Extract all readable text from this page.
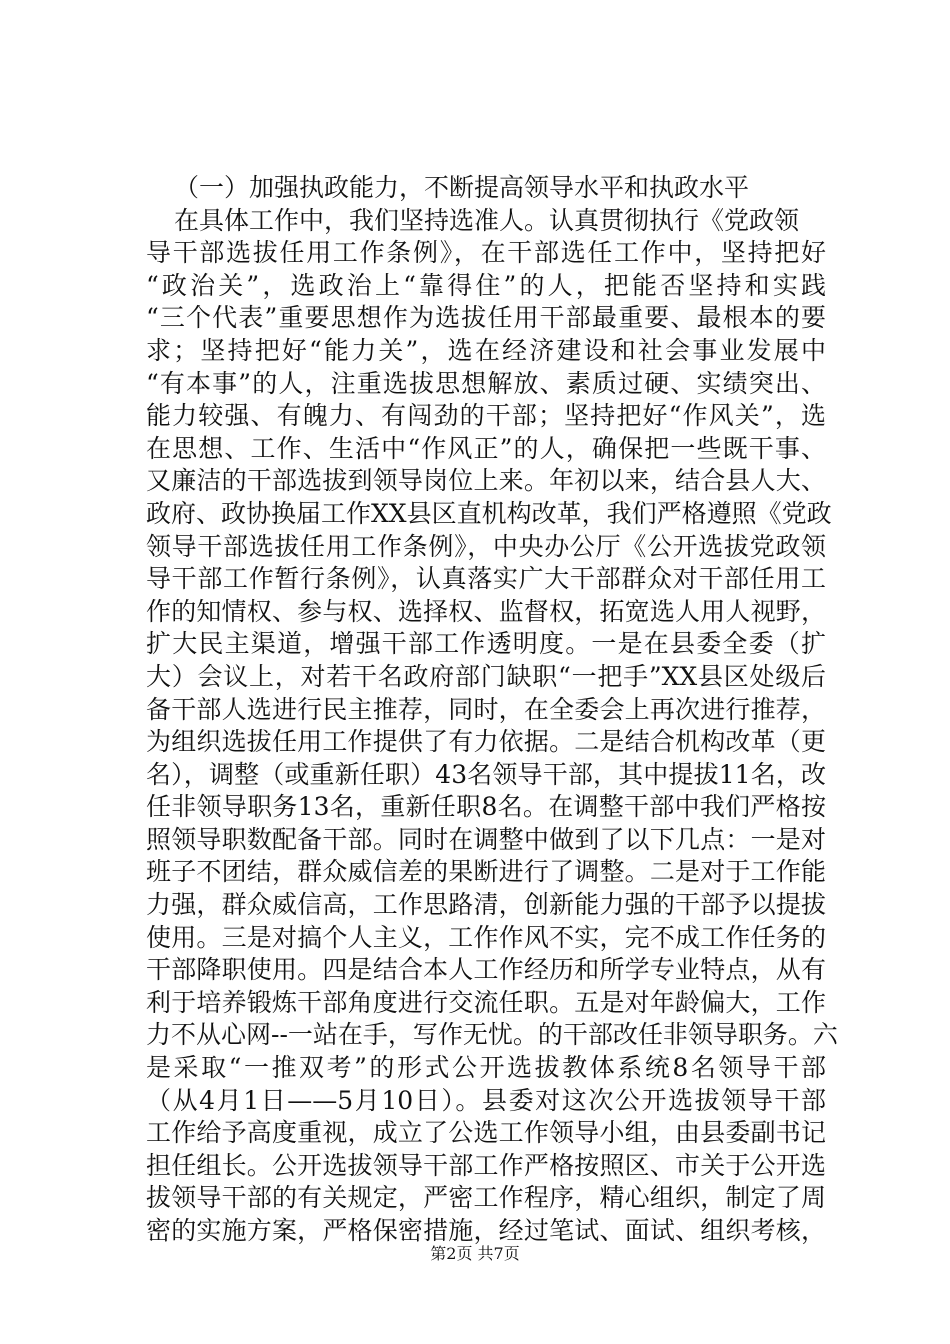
（一）加强执政能力，不断提高领导水平和执政水平
在具体工作中，我们坚持选准人。认真贯彻执行《党政领
导干部选拔任用工作条例》，在干部选任工作中，坚持把好
“政治关”，选政治上“靠得住”的人，把能否坚持和实践
“三个代表”重要思想作为选拔任用干部最重要、最根本的要
求；坚持把好“能力关”，选在经济建设和社会事业发展中
“有本事”的人，注重选拔思想解放、素质过硬、实绩突出、
能力较强、有魄力、有闯劲的干部；坚持把好“作风关”，选
在思想、工作、生活中“作风正”的人，确保把一些既干事、
又廉洁的干部选拔到领导岗位上来。年初以来，结合县人大、
政府、政协换届工作XX县区直机构改革，我们严格遵照《党政
领导干部选拔任用工作条例》，中央办公厅《公开选拔党政领
导干部工作暂行条例》，认真落实广大干部群众对干部任用工
作的知情权、参与权、选择权、监督权，拓宽选人用人视野，
扩大民主渠道，增强干部工作透明度。一是在县委全委（扩
大）会议上，对若干名政府部门缺职“一把手”XX县区处级后
备干部人选进行民主推荐，同时，在全委会上再次进行推荐，
为组织选拔任用工作提供了有力依据。二是结合机构改革（更
名），调整（或重新任职）43名领导干部，其中提拔11名，改
任非领导职务13名，重新任职8名。在调整干部中我们严格按
照领导职数配备干部。同时在调整中做到了以下几点：一是对
班子不团结，群众威信差的果断进行了调整。二是对于工作能
力强，群众威信高，工作思路清，创新能力强的干部予以提拔
使用。三是对搞个人主义，工作作风不实，完不成工作任务的
干部降职使用。四是结合本人工作经历和所学专业特点，从有
利于培养锻炼干部角度进行交流任职。五是对年龄偏大，工作
力不从心网--一站在手，写作无忧。的干部改任非领导职务。六
是采取“一推双考”的形式公开选拔教体系统8名领导干部
（从4月1日——5月10日）。县委对这次公开选拔领导干部
工作给予高度重视，成立了公选工作领导小组，由县委副书记
担任组长。公开选拔领导干部工作严格按照区、市关于公开选
拔领导干部的有关规定，严密工作程序，精心组织，制定了周
密的实施方案，严格保密措施，经过笔试、面试、组织考核，
第2页 共7页
